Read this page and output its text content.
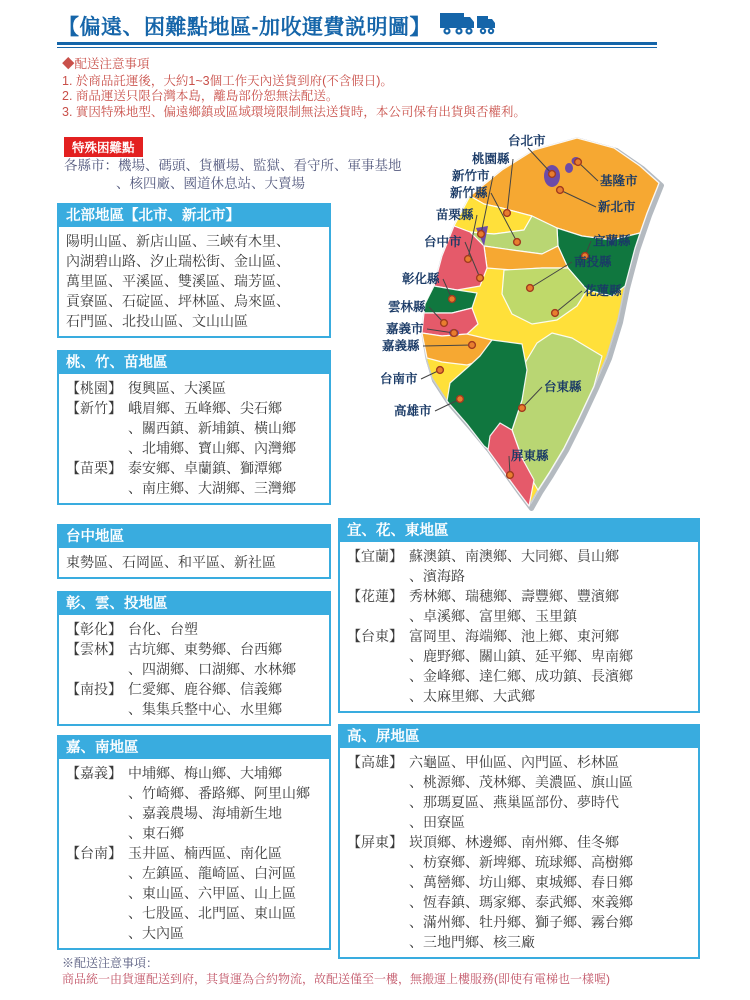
【偏遠、困難點地區-加收運費説明圖】
◆配送注意事項
1. 於商品託運後，大約1~3個工作天內送貨到府(不含假日)。
2. 商品運送只限台灣本島，離島部份恕無法配送。
3. 實因特殊地型、偏遠鄉鎮或區域環境限制無法送貨時，本公司保有出貨與否權利。
特殊困難點
各縣市：機場、碼頭、貨櫃場、監獄、看守所、軍事基地
、核四廠、國道休息站、大賣場
北部地區【北市、新北市】
陽明山區、新店山區、三峽有木里、
內湖碧山路、汐止瑞松街、金山區、
萬里區、平溪區、雙溪區、瑞芳區、
貢寮區、石碇區、坪林區、烏來區、
石門區、北投山區、文山山區
桃、竹、苗地區
【桃園】 復興區、大溪區
【新竹】 峨眉鄉、五峰鄉、尖石鄉
、關西鎮、新埔鎮、橫山鄉
、北埔鄉、寶山鄉、內灣鄉
【苗栗】 泰安鄉、卓蘭鎮、獅潭鄉
、南庄鄉、大湖鄉、三灣鄉
台中地區
東勢區、石岡區、和平區、新社區
彰、雲、投地區
【彰化】 台化、台塑
【雲林】 古坑鄉、東勢鄉、台西鄉
、四湖鄉、口湖鄉、水林鄉
【南投】 仁愛鄉、鹿谷鄉、信義鄉
、集集兵整中心、水里鄉
嘉、南地區
【嘉義】 中埔鄉、梅山鄉、大埔鄉
、竹崎鄉、番路鄉、阿里山鄉
、嘉義農場、海埔新生地
、東石鄉
【台南】 玉井區、楠西區、南化區
、左鎮區、龍崎區、白河區
、東山區、六甲區、山上區
、七股區、北門區、東山區
、大內區
宜、花、東地區
【宜蘭】 蘇澳鎮、南澳鄉、大同鄉、員山鄉
、濱海路
【花蓮】 秀林鄉、瑞穗鄉、壽豐鄉、豐濱鄉
、卓溪鄉、富里鄉、玉里鎮
【台東】 富岡里、海端鄉、池上鄉、東河鄉
、鹿野鄉、關山鎮、延平鄉、卑南鄉
、金峰鄉、達仁鄉、成功鎮、長濱鄉
、太麻里鄉、大武鄉
高、屏地區
【高雄】 六龜區、甲仙區、內門區、杉林區
、桃源鄉、茂林鄉、美濃區、旗山區
、那瑪夏區、燕巢區部份、夢時代
、田寮區
【屏東】 崁頂鄉、林邊鄉、南州鄉、佳冬鄉
、枋寮鄉、新埤鄉、琉球鄉、高樹鄉
、萬巒鄉、坊山鄉、東城鄉、春日鄉
、恆春鎮、瑪家鄉、泰武鄉、來義鄉
、滿州鄉、牡丹鄉、獅子鄉、霧台鄉
、三地門鄉、核三廠
台北市
桃園縣
新竹市
新竹縣
苗栗縣
台中市
彰化縣
雲林縣
嘉義市
嘉義縣
台南市
高雄市
基隆市
新北市
宜蘭縣
南投縣
花蓮縣
台東縣
屏東縣
※配送注意事項：
商品統一由貨運配送到府，其貨運為合約物流，故配送僅至一樓，無搬運上樓服務(即使有電梯也一樣喔)
